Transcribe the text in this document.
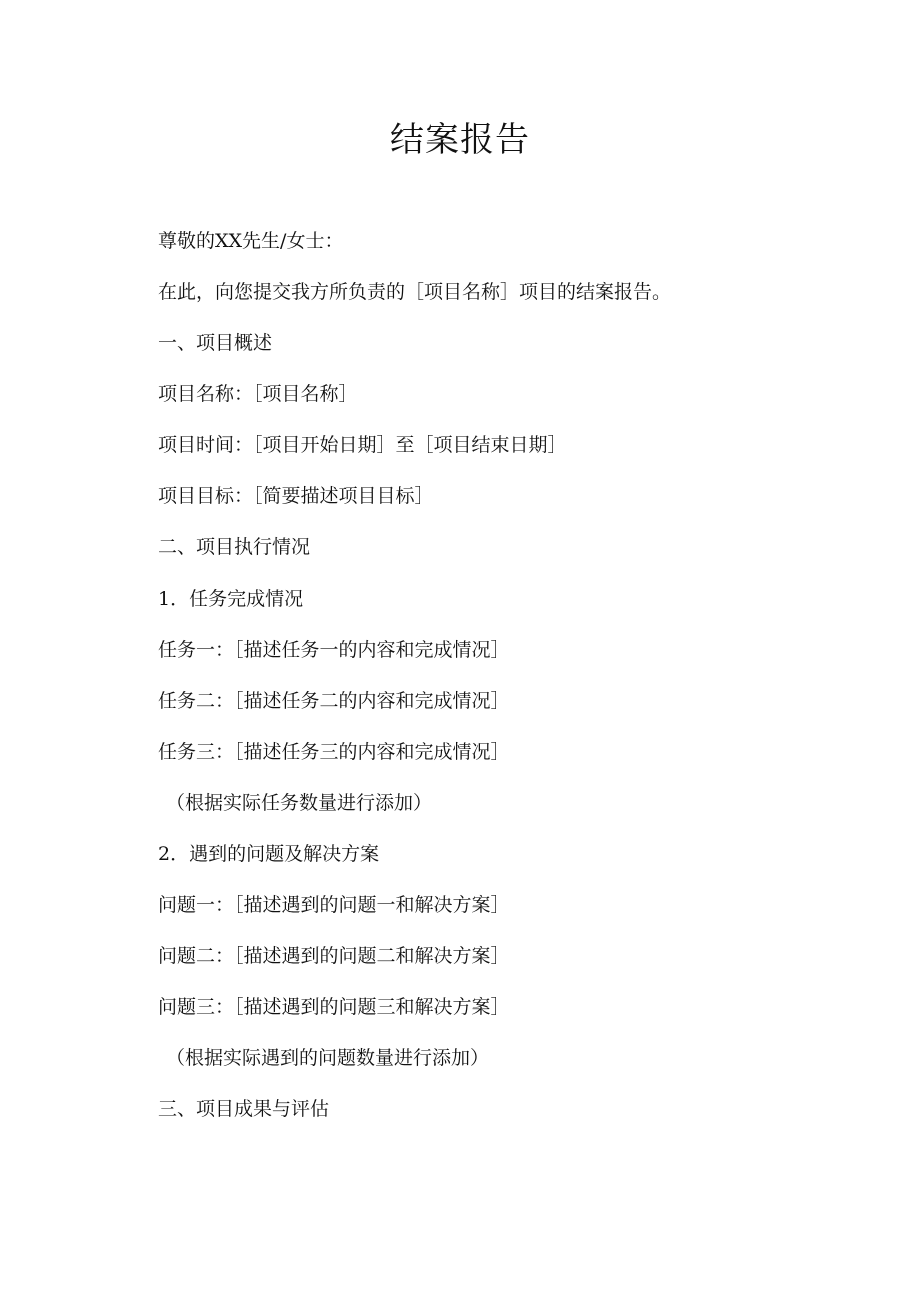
结案报告

尊敬的XX先生/女士：

在此，向您提交我方所负责的［项目名称］项目的结案报告。

一、项目概述

项目名称：［项目名称］

项目时间：［项目开始日期］至［项目结束日期］

项目目标：［简要描述项目目标］

二、项目执行情况

1．任务完成情况

任务一：［描述任务一的内容和完成情况］

任务二：［描述任务二的内容和完成情况］

任务三：［描述任务三的内容和完成情况］

（根据实际任务数量进行添加）

2．遇到的问题及解决方案

问题一：［描述遇到的问题一和解决方案］

问题二：［描述遇到的问题二和解决方案］

问题三：［描述遇到的问题三和解决方案］

（根据实际遇到的问题数量进行添加）

三、项目成果与评估
